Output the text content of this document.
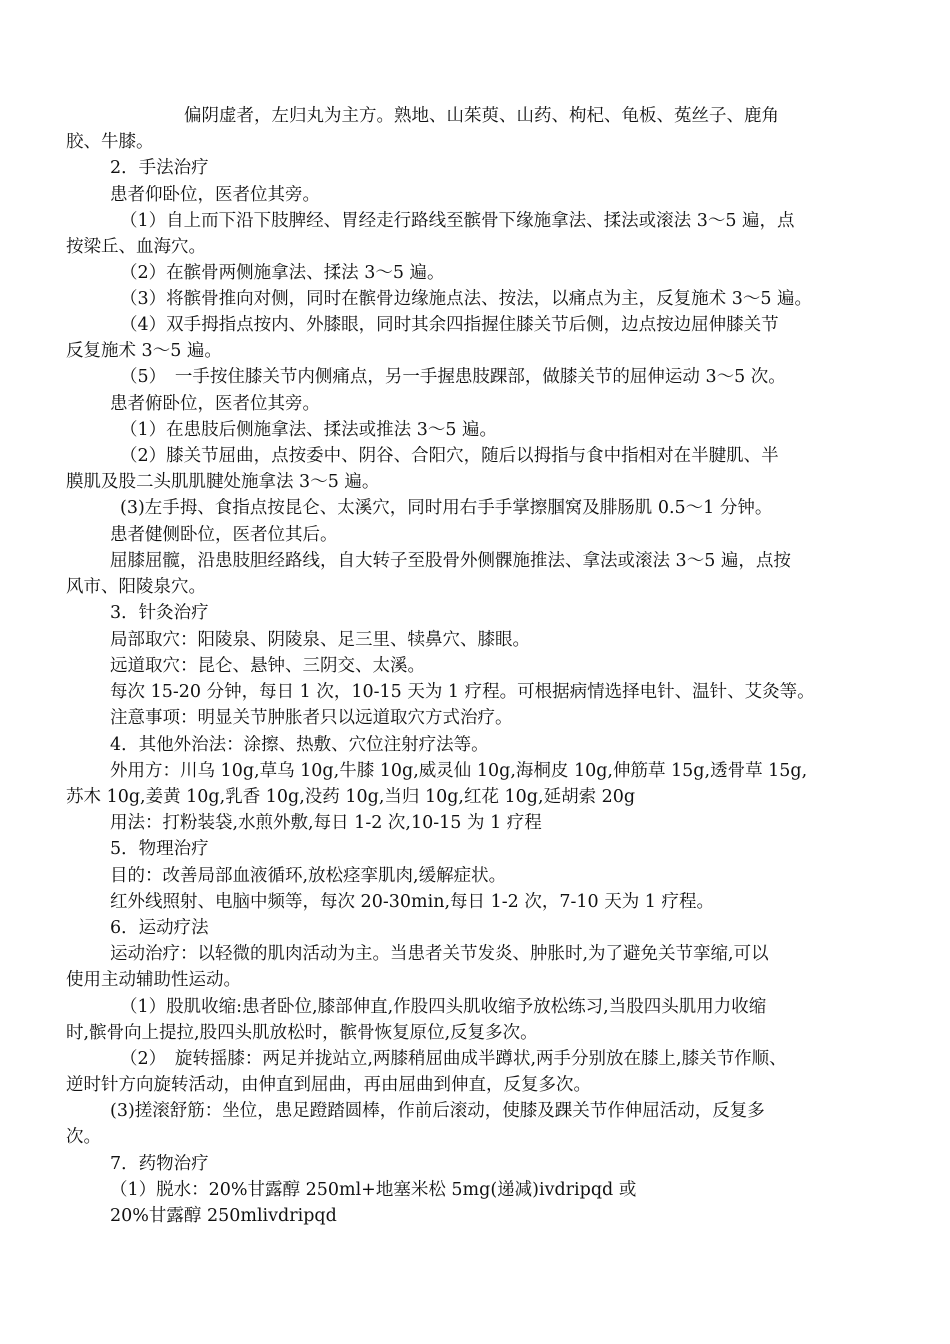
偏阴虚者，左归丸为主方。熟地、山茱萸、山药、枸杞、龟板、菟丝子、鹿角
胶、牛膝。
2．手法治疗
患者仰卧位，医者位其旁。
（1）自上而下沿下肢脾经、胃经走行路线至髌骨下缘施拿法、揉法或滚法 3～5 遍，点
按梁丘、血海穴。
（2）在髌骨两侧施拿法、揉法 3～5 遍。
（3）将髌骨推向对侧，同时在髌骨边缘施点法、按法，以痛点为主，反复施术 3～5 遍。
（4）双手拇指点按内、外膝眼，同时其余四指握住膝关节后侧，边点按边屈伸膝关节
反复施术 3～5 遍。
（5）　一手按住膝关节内侧痛点，另一手握患肢踝部，做膝关节的屈伸运动 3～5 次。
患者俯卧位，医者位其旁。
（1）在患肢后侧施拿法、揉法或推法 3～5 遍。
（2）膝关节屈曲，点按委中、阴谷、合阳穴，随后以拇指与食中指相对在半腱肌、半
膜肌及股二头肌肌腱处施拿法 3～5 遍。
(3)左手拇、食指点按昆仑、太溪穴，同时用右手手掌擦腘窝及腓肠肌 0.5～1 分钟。
患者健侧卧位，医者位其后。
屈膝屈髋，沿患肢胆经路线，自大转子至股骨外侧髁施推法、拿法或滚法 3～5 遍，点按
风市、阳陵泉穴。
3．针灸治疗
局部取穴：阳陵泉、阴陵泉、足三里、犊鼻穴、膝眼。
远道取穴：昆仑、悬钟、三阴交、太溪。
每次 15-20 分钟，每日 1 次，10-15 天为 1 疗程。可根据病情选择电针、温针、艾灸等。
注意事项：明显关节肿胀者只以远道取穴方式治疗。
4．其他外治法：涂擦、热敷、穴位注射疗法等。
外用方：川乌 10g,草乌 10g,牛膝 10g,威灵仙 10g,海桐皮 10g,伸筋草 15g,透骨草 15g,
苏木 10g,姜黄 10g,乳香 10g,没药 10g,当归 10g,红花 10g,延胡索 20g
用法：打粉装袋,水煎外敷,每日 1-2 次,10-15 为 1 疗程
5．物理治疗
目的：改善局部血液循环,放松痉挛肌肉,缓解症状。
红外线照射、电脑中频等，每次 20-30min,每日 1-2 次，7-10 天为 1 疗程。
6．运动疗法
运动治疗：以轻微的肌肉活动为主。当患者关节发炎、肿胀时,为了避免关节挛缩,可以
使用主动辅助性运动。
（1）股肌收缩:患者卧位,膝部伸直,作股四头肌收缩予放松练习,当股四头肌用力收缩
时,髌骨向上提拉,股四头肌放松时，髌骨恢复原位,反复多次。
（2）　旋转摇膝：两足并拢站立,两膝稍屈曲成半蹲状,两手分别放在膝上,膝关节作顺、
逆时针方向旋转活动，由伸直到屈曲，再由屈曲到伸直，反复多次。
(3)搓滚舒筋：坐位，患足蹬踏圆棒，作前后滚动，使膝及踝关节作伸屈活动，反复多
次。
7．药物治疗
（1）脱水：20%甘露醇 250ml+地塞米松 5mg(递减)ivdripqd 或
20%甘露醇 250mlivdripqd
